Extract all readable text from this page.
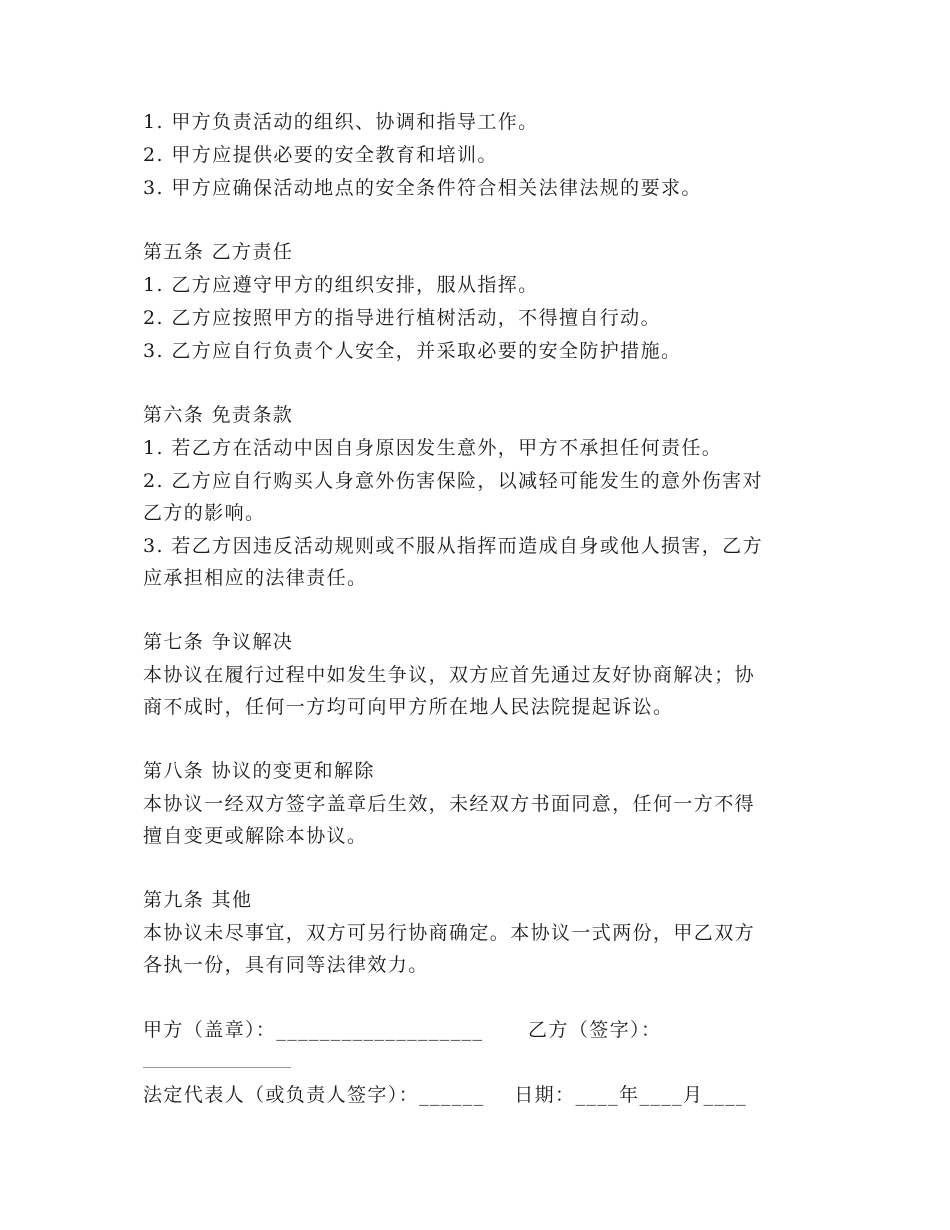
1. 甲方负责活动的组织、协调和指导工作。
2. 甲方应提供必要的安全教育和培训。
3. 甲方应确保活动地点的安全条件符合相关法律法规的要求。
第五条 乙方责任
1. 乙方应遵守甲方的组织安排，服从指挥。
2. 乙方应按照甲方的指导进行植树活动，不得擅自行动。
3. 乙方应自行负责个人安全，并采取必要的安全防护措施。
第六条 免责条款
1. 若乙方在活动中因自身原因发生意外，甲方不承担任何责任。
2. 乙方应自行购买人身意外伤害保险，以减轻可能发生的意外伤害对
乙方的影响。
3. 若乙方因违反活动规则或不服从指挥而造成自身或他人损害，乙方
应承担相应的法律责任。
第七条 争议解决
本协议在履行过程中如发生争议，双方应首先通过友好协商解决；协
商不成时，任何一方均可向甲方所在地人民法院提起诉讼。
第八条 协议的变更和解除
本协议一经双方签字盖章后生效，未经双方书面同意，任何一方不得
擅自变更或解除本协议。
第九条 其他
本协议未尽事宜，双方可另行协商确定。本协议一式两份，甲乙双方
各执一份，具有同等法律效力。
甲方（盖章）：___________________      乙方（签字）：
法定代表人（或负责人签字）：______    日期：____年____月____
